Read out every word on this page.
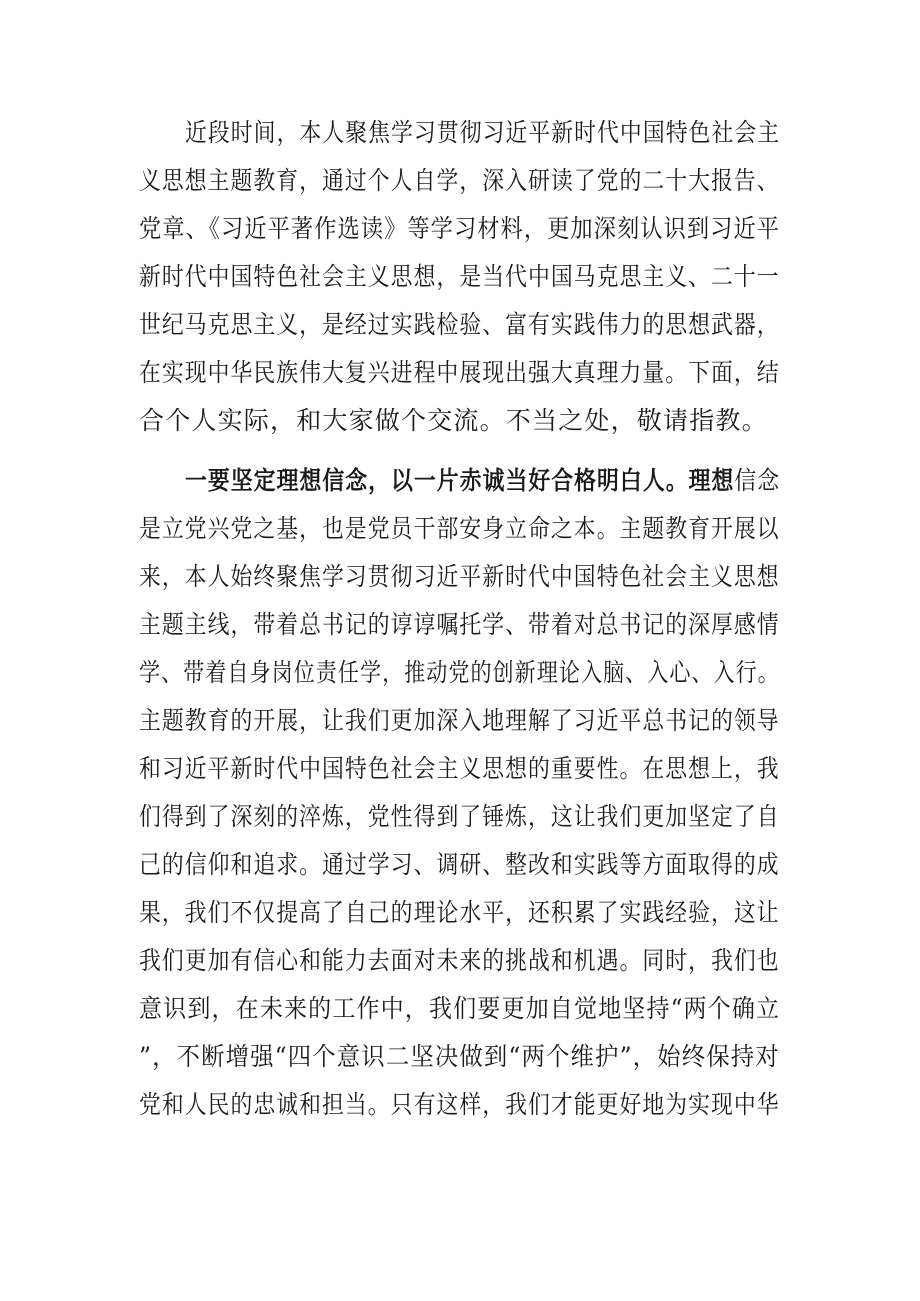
近段时间，本人聚焦学习贯彻习近平新时代中国特色社会主
义思想主题教育，通过个人自学，深入研读了党的二十大报告、
党章、《习近平著作选读》等学习材料，更加深刻认识到习近平
新时代中国特色社会主义思想，是当代中国马克思主义、二十一
世纪马克思主义，是经过实践检验、富有实践伟力的思想武器，
在实现中华民族伟大复兴进程中展现出强大真理力量。下面，结
合个人实际，和大家做个交流。不当之处，敬请指教。
一要坚定理想信念，以一片赤诚当好合格明白人。理想信念
是立党兴党之基，也是党员干部安身立命之本。主题教育开展以
来，本人始终聚焦学习贯彻习近平新时代中国特色社会主义思想
主题主线，带着总书记的谆谆嘱托学、带着对总书记的深厚感情
学、带着自身岗位责任学，推动党的创新理论入脑、入心、入行。
主题教育的开展，让我们更加深入地理解了习近平总书记的领导
和习近平新时代中国特色社会主义思想的重要性。在思想上，我
们得到了深刻的淬炼，党性得到了锤炼，这让我们更加坚定了自
己的信仰和追求。通过学习、调研、整改和实践等方面取得的成
果，我们不仅提高了自己的理论水平，还积累了实践经验，这让
我们更加有信心和能力去面对未来的挑战和机遇。同时，我们也
意识到，在未来的工作中，我们要更加自觉地坚持“两个确立
”，不断增强“四个意识二坚决做到“两个维护”，始终保持对
党和人民的忠诚和担当。只有这样，我们才能更好地为实现中华
